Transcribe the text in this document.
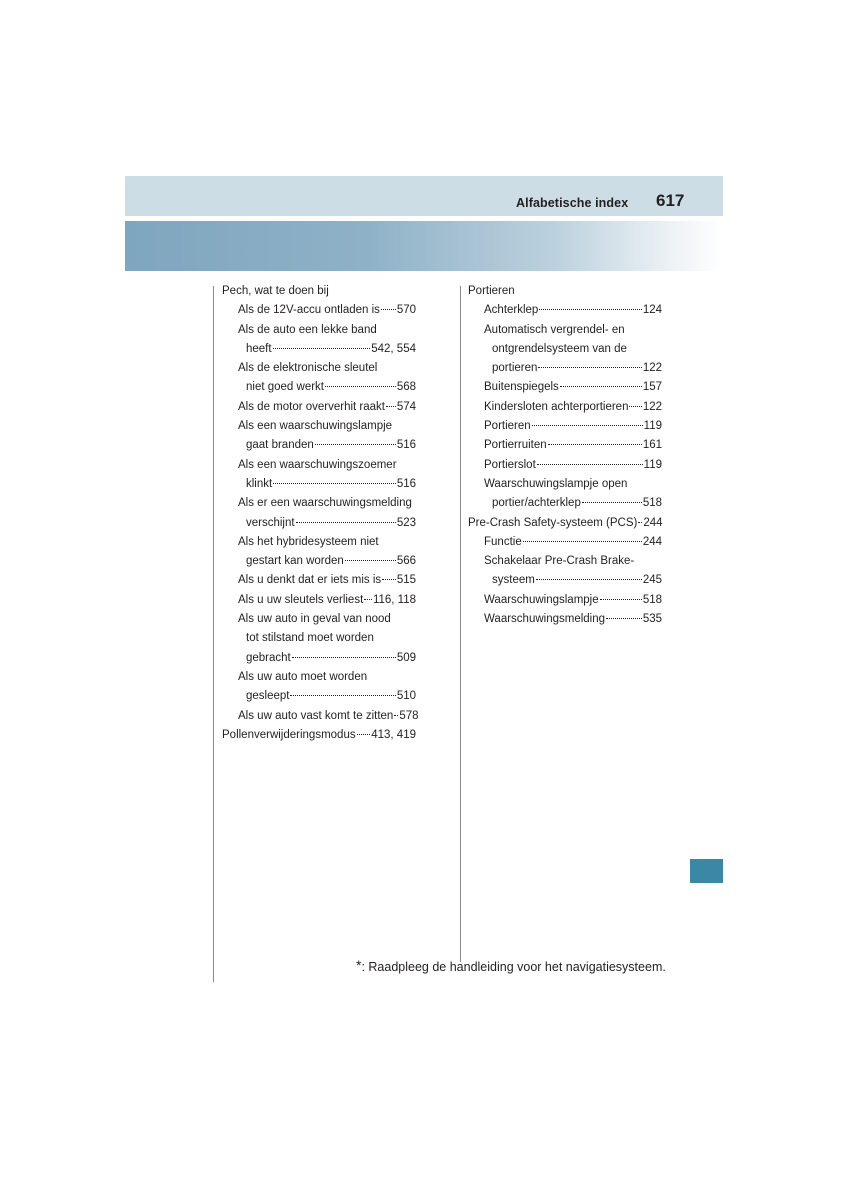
Alfabetische index 617
Pech, wat te doen bij
Als de 12V-accu ontladen is 570
Als de auto een lekke band
heeft	542, 554
Als de elektronische sleutel
niet goed werkt	568
Als de motor oververhit raakt 574
Als een waarschuwingslampje
gaat branden	516
Als een waarschuwingszoemer
klinkt	516
Als er een waarschuwingsmelding
verschijnt	523
Als het hybridesysteem niet
gestart kan worden	566
Als u denkt dat er iets mis is 515
Als u uw sleutels verliest 116, 118
Als uw auto in geval van nood
tot stilstand moet worden
gebracht	509
Als uw auto moet worden
gesleept	510
Als uw auto vast komt te zitten 578
Pollenverwijderingsmodus 413, 419
Portieren
Achterklep	124
Automatisch vergrendel- en
ontgrendelsysteem van de
portieren	122
Buitenspiegels	157
Kindersloten achterportieren 122
Portieren	119
Portierruiten	161
Portierslot	119
Waarschuwingslampje open
portier/achterklep	518
Pre-Crash Safety-systeem (PCS) 244
Functie	244
Schakelaar Pre-Crash Brake-
systeem	245
Waarschuwingslampje	518
Waarschuwingsmelding	535
*: Raadpleeg de handleiding voor het navigatiesysteem.
